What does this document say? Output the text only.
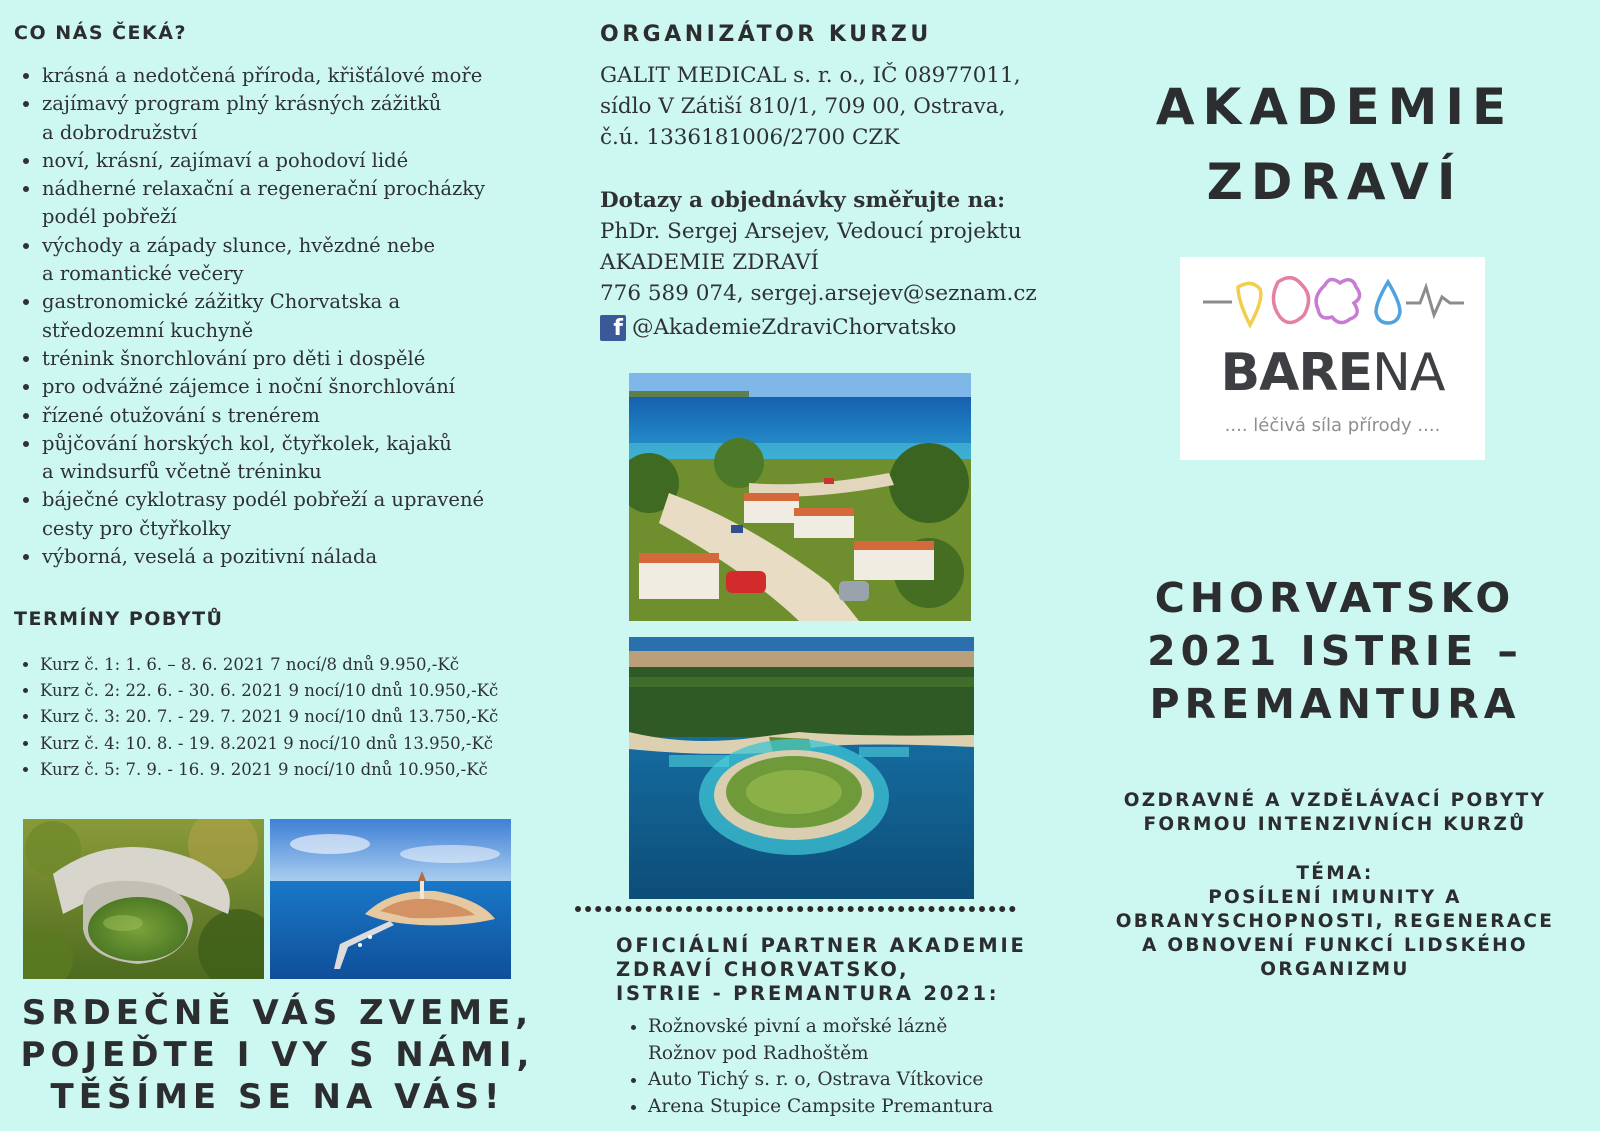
CO NÁS ČEKÁ?
• krásná a nedotčená příroda, křišťálové moře
• zajímavý program plný krásných zážitků
a dobrodružství
• noví, krásní, zajímaví a pohodoví lidé
• nádherné relaxační a regenerační procházky
podél pobřeží
• východy a západy slunce, hvězdné nebe
a romantické večery
• gastronomické zážitky Chorvatska a
středozemní kuchyně
• trénink šnorchlování pro děti i dospělé
• pro odvážné zájemce i noční šnorchlování
• řízené otužování s trenérem
• půjčování horských kol, čtyřkolek, kajaků
a windsurfů včetně tréninku
• báječné cyklotrasy podél pobřeží a upravené
cesty pro čtyřkolky
• výborná, veselá a pozitivní nálada
TERMÍNY POBYTŮ
• Kurz č. 1: 1. 6. – 8. 6. 2021 7 nocí/8 dnů 9.950,-Kč
• Kurz č. 2: 22. 6. - 30. 6. 2021 9 nocí/10 dnů 10.950,-Kč
• Kurz č. 3: 20. 7. - 29. 7. 2021 9 nocí/10 dnů 13.750,-Kč
• Kurz č. 4: 10. 8. - 19. 8.2021 9 nocí/10 dnů 13.950,-Kč
• Kurz č. 5: 7. 9. - 16. 9. 2021 9 nocí/10 dnů 10.950,-Kč
SRDEČNĚ VÁS ZVEME,
POJEĎTE I VY S NÁMI,
TĚŠÍME SE NA VÁS!
ORGANIZÁTOR KURZU
GALIT MEDICAL s. r. o., IČ 08977011,
sídlo V Zátiší 810/1, 709 00, Ostrava,
č.ú. 1336181006/2700 CZK
Dotazy a objednávky směřujte na:
PhDr. Sergej Arsejev, Vedoucí projektu
AKADEMIE ZDRAVÍ
776 589 074, sergej.arsejev@seznam.cz
f @AkademieZdraviChorvatsko
OFICIÁLNÍ PARTNER AKADEMIE
ZDRAVÍ CHORVATSKO,
ISTRIE - PREMANTURA 2021:
• Rožnovské pivní a mořské lázně
Rožnov pod Radhoštěm
• Auto Tichý s. r. o, Ostrava Vítkovice
• Arena Stupice Campsite Premantura
AKADEMIE
ZDRAVÍ
BARENA
.... léčivá síla přírody ....
CHORVATSKO
2021 ISTRIE –
PREMANTURA
OZDRAVNÉ A VZDĚLÁVACÍ POBYTY
FORMOU INTENZIVNÍCH KURZŮ
TÉMA:
POSÍLENÍ IMUNITY A
OBRANYSCHOPNOSTI, REGENERACE
A OBNOVENÍ FUNKCÍ LIDSKÉHO
ORGANIZMU
